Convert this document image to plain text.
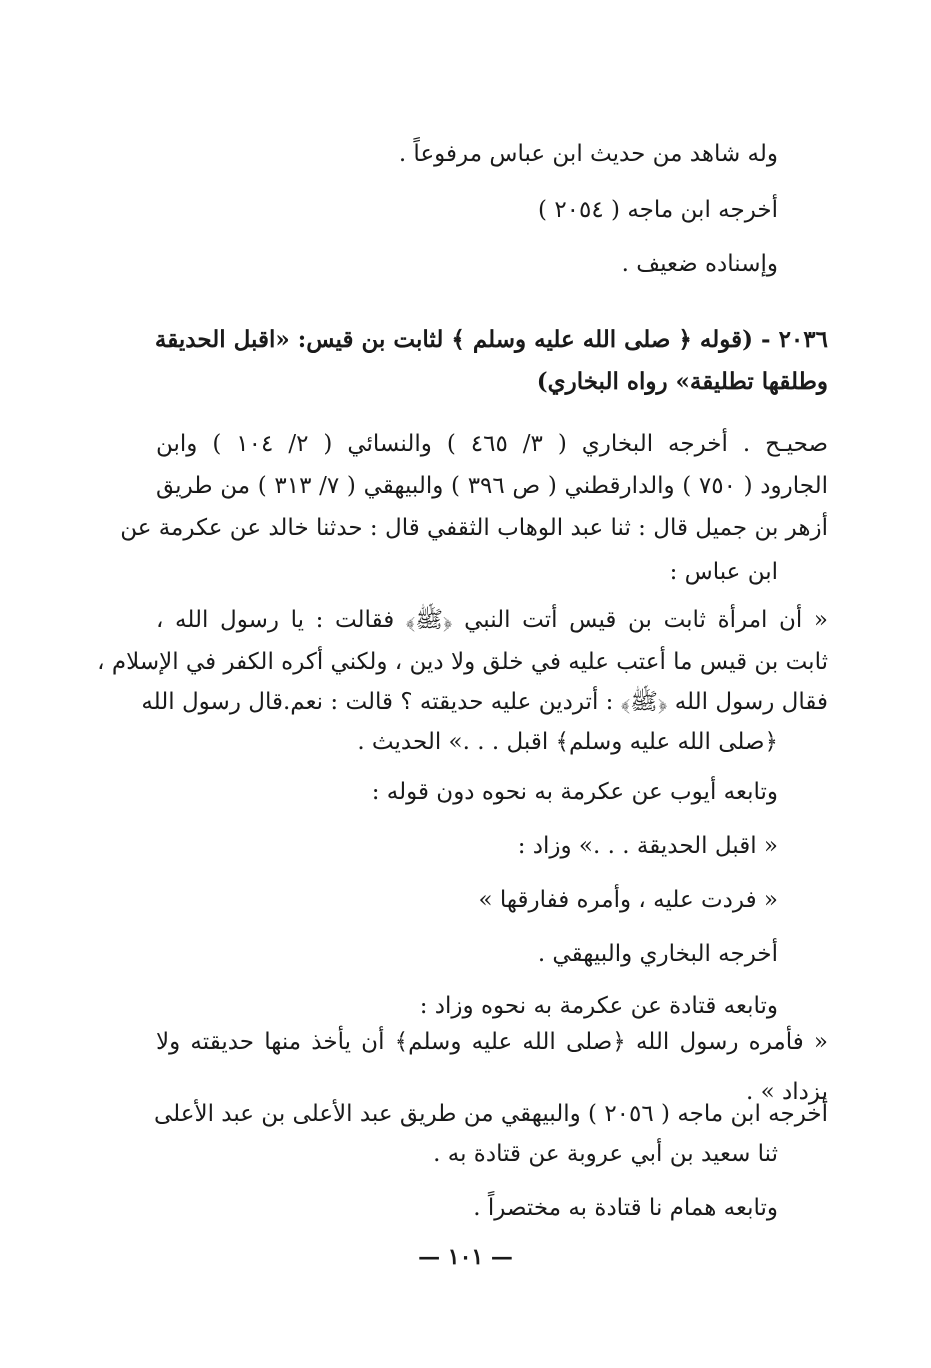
وله شاهد من حديث ابن عباس مرفوعاً .
أخرجه ابن ماجه ( ٢٠٥٤ )
وإسناده ضعيف .
٢٠٣٦ - (قوله ﴿ صلى الله عليه وسلم ﴾ لثابت بن قيس: «اقبل الحديقة
وطلقها تطليقة» رواه البخاري)
صحيـح . أخرجه البخاري ( ٣/ ٤٦٥ ) والنسائي ( ٢/ ١٠٤ ) وابن
الجارود ( ٧٥٠ ) والدارقطني ( ص ٣٩٦ ) والبيهقي ( ٧/ ٣١٣ ) من طريق
أزهر بن جميل قال : ثنا عبد الوهاب الثقفي قال : حدثنا خالد عن عكرمة عن
ابن عباس :
« أن امرأة ثابت بن قيس أتت النبي ﴿ﷺ﴾ فقالت : يا رسول الله ،
ثابت بن قيس ما أعتب عليه في خلق ولا دين ، ولكني أكره الكفر في الإسلام ،
فقال رسول الله ﴿ﷺ﴾ : أتردين عليه حديقته ؟ قالت : نعم.قال رسول الله
﴿صلى الله عليه وسلم﴾ اقبل . . .» الحديث .
وتابعه أيوب عن عكرمة به نحوه دون قوله :
« اقبل الحديقة . . .» وزاد :
« فردت عليه ، وأمره ففارقها »
أخرجه البخاري والبيهقي .
وتابعه قتادة عن عكرمة به نحوه وزاد :
« فأمره رسول الله ﴿صلى الله عليه وسلم﴾ أن يأخذ منها حديقته ولا
يزداد » .
أخرجه ابن ماجه ( ٢٠٥٦ ) والبيهقي من طريق عبد الأعلى بن عبد الأعلى
ثنا سعيد بن أبي عروبة عن قتادة به .
وتابعه همام نا قتادة به مختصراً .
— ١٠١ —
